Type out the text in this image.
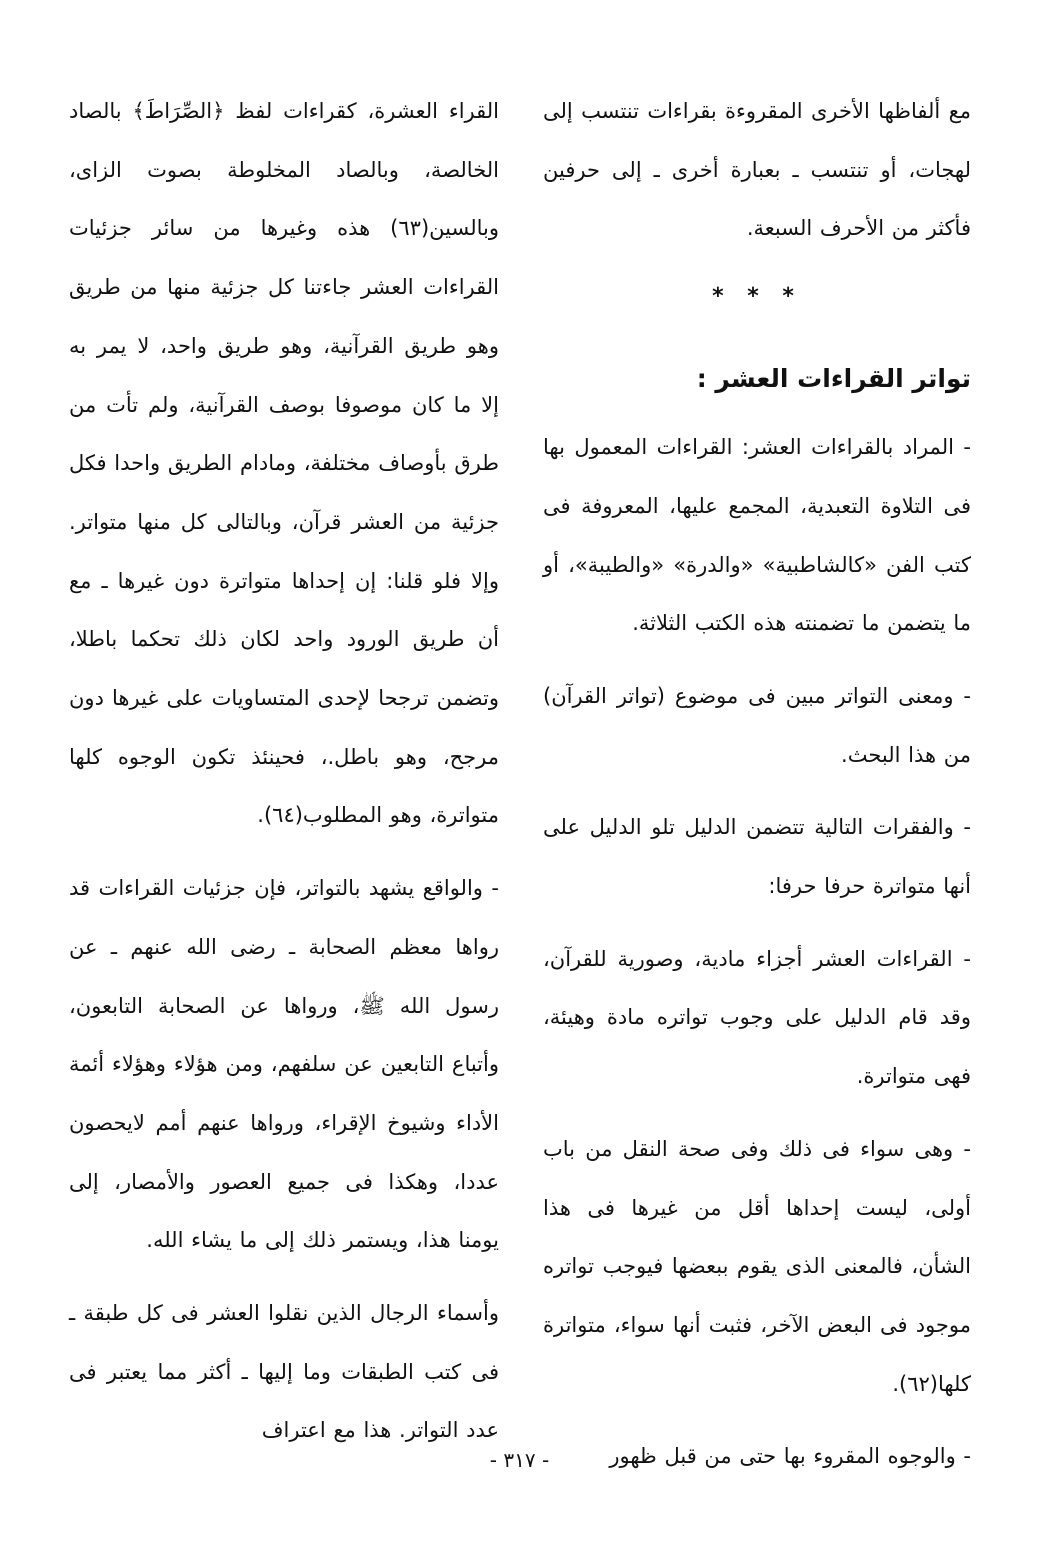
مع ألفاظها الأخرى المقروءة بقراءات تنتسب إلى لهجات، أو تنتسب ـ بعبارة أخرى ـ إلى حرفين فأكثر من الأحرف السبعة.

* * *

تواتر القراءات العشر :

- المراد بالقراءات العشر: القراءات المعمول بها فى التلاوة التعبدية، المجمع عليها، المعروفة فى كتب الفن «كالشاطبية» «والدرة» «والطيبة»، أو ما يتضمن ما تضمنته هذه الكتب الثلاثة.

- ومعنى التواتر مبين فى موضوع (تواتر القرآن) من هذا البحث.

- والفقرات التالية تتضمن الدليل تلو الدليل على أنها متواترة حرفا حرفا:

- القراءات العشر أجزاء مادية، وصورية للقرآن، وقد قام الدليل على وجوب تواتره مادة وهيئة، فهى متواترة.

- وهى سواء فى ذلك وفى صحة النقل من باب أولى، ليست إحداها أقل من غيرها فى هذا الشأن، فالمعنى الذى يقوم ببعضها فيوجب تواتره موجود فى البعض الآخر، فثبت أنها سواء، متواترة كلها(٦٢).

- والوجوه المقروء بها حتى من قبل ظهور

القراء العشرة، كقراءات لفظ ﴿الصِّرَاطَ﴾ بالصاد الخالصة، وبالصاد المخلوطة بصوت الزاى، وبالسين(٦٣) هذه وغيرها من سائر جزئيات القراءات العشر جاءتنا كل جزئية منها من طريق وهو طريق القرآنية، وهو طريق واحد، لا يمر به إلا ما كان موصوفا بوصف القرآنية، ولم تأت من طرق بأوصاف مختلفة، ومادام الطريق واحدا فكل جزئية من العشر قرآن، وبالتالى كل منها متواتر. وإلا فلو قلنا: إن إحداها متواترة دون غيرها ـ مع أن طريق الورود واحد لكان ذلك تحكما باطلا، وتضمن ترجحا لإحدى المتساويات على غيرها دون مرجح، وهو باطل.، فحينئذ تكون الوجوه كلها متواترة، وهو المطلوب(٦٤).

- والواقع يشهد بالتواتر، فإن جزئيات القراءات قد رواها معظم الصحابة ـ رضى الله عنهم ـ عن رسول الله ﷺ، ورواها عن الصحابة التابعون، وأتباع التابعين عن سلفهم، ومن هؤلاء وهؤلاء أئمة الأداء وشيوخ الإقراء، ورواها عنهم أمم لايحصون عددا، وهكذا فى جميع العصور والأمصار، إلى يومنا هذا، ويستمر ذلك إلى ما يشاء الله.

وأسماء الرجال الذين نقلوا العشر فى كل طبقة ـ فى كتب الطبقات وما إليها ـ أكثر مما يعتبر فى عدد التواتر. هذا مع اعتراف

- ٣١٧ -
